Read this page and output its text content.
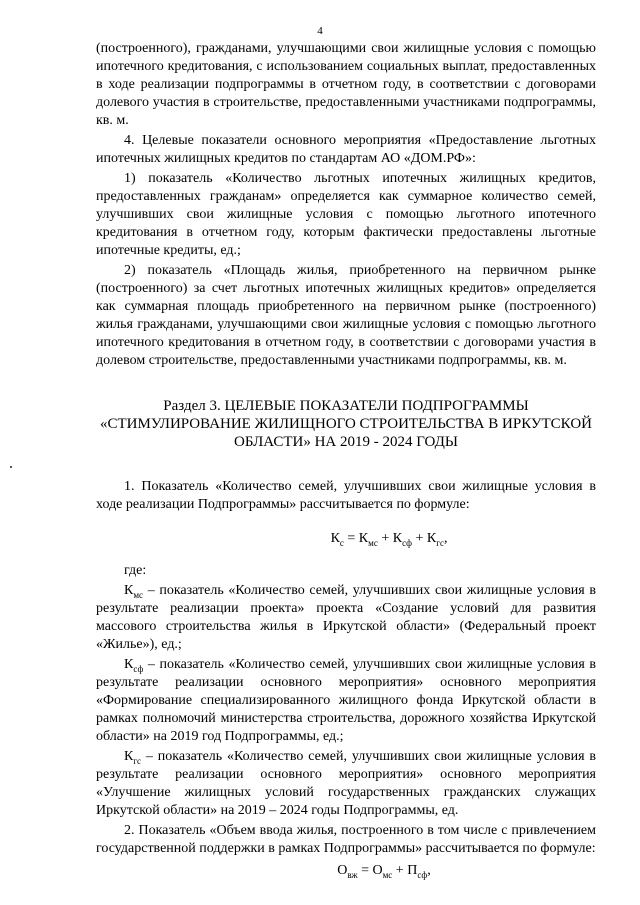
4

(построенного), гражданами, улучшающими свои жилищные условия с помощью ипотечного кредитования, с использованием социальных выплат, предоставленных в ходе реализации подпрограммы в отчетном году, в соответствии с договорами долевого участия в строительстве, предоставленными участниками подпрограммы, кв. м.

4. Целевые показатели основного мероприятия «Предоставление льготных ипотечных жилищных кредитов по стандартам АО «ДОМ.РФ»:

1) показатель «Количество льготных ипотечных жилищных кредитов, предоставленных гражданам» определяется как суммарное количество семей, улучшивших свои жилищные условия с помощью льготного ипотечного кредитования в отчетном году, которым фактически предоставлены льготные ипотечные кредиты, ед.;

2) показатель «Площадь жилья, приобретенного на первичном рынке (построенного) за счет льготных ипотечных жилищных кредитов» определяется как суммарная площадь приобретенного на первичном рынке (построенного) жилья гражданами, улучшающими свои жилищные условия с помощью льготного ипотечного кредитования в отчетном году, в соответствии с договорами участия в долевом строительстве, предоставленными участниками подпрограммы, кв. м.

Раздел 3. ЦЕЛЕВЫЕ ПОКАЗАТЕЛИ ПОДПРОГРАММЫ
«СТИМУЛИРОВАНИЕ ЖИЛИЩНОГО СТРОИТЕЛЬСТВА В ИРКУТСКОЙ
ОБЛАСТИ» НА 2019 - 2024 ГОДЫ

1. Показатель «Количество семей, улучшивших свои жилищные условия в ходе реализации Подпрограммы» рассчитывается по формуле:

$К_с = К_{мс} + К_{сф} + К_{гс}$,

где:

$К_{мс}$ – показатель «Количество семей, улучшивших свои жилищные условия в результате реализации проекта» проекта «Создание условий для развития массового строительства жилья в Иркутской области» (Федеральный проект «Жилье»), ед.;

$К_{сф}$ – показатель «Количество семей, улучшивших свои жилищные условия в результате реализации основного мероприятия» основного мероприятия «Формирование специализированного жилищного фонда Иркутской области в рамках полномочий министерства строительства, дорожного хозяйства Иркутской области» на 2019 год Подпрограммы, ед.;

$К_{гс}$ – показатель «Количество семей, улучшивших свои жилищные условия в результате реализации основного мероприятия» основного мероприятия «Улучшение жилищных условий государственных гражданских служащих Иркутской области» на 2019 – 2024 годы Подпрограммы, ед.

2. Показатель «Объем ввода жилья, построенного в том числе с привлечением государственной поддержки в рамках Подпрограммы» рассчитывается по формуле:

$О_{вж} = О_{мс} + П_{сф}$,
